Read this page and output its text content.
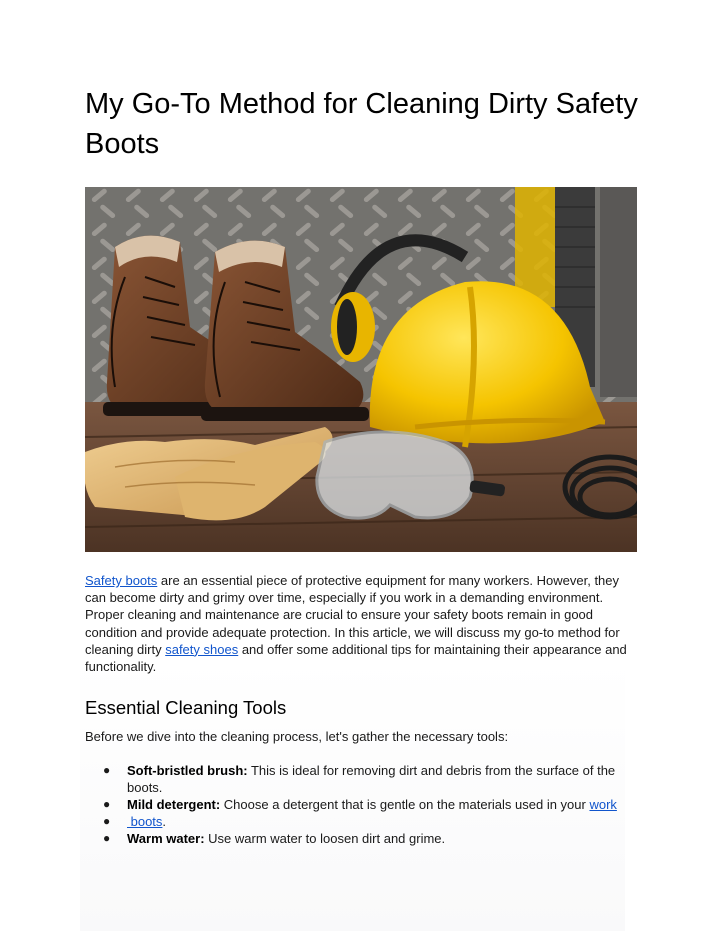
My Go-To Method for Cleaning Dirty Safety Boots
Safety boots are an essential piece of protective equipment for many workers. However, they can become dirty and grimy over time, especially if you work in a demanding environment. Proper cleaning and maintenance are crucial to ensure your safety boots remain in good condition and provide adequate protection. In this article, we will discuss my go-to method for cleaning dirty safety shoes and offer some additional tips for maintaining their appearance and functionality.
Essential Cleaning Tools
Before we dive into the cleaning process, let's gather the necessary tools:
● Soft-bristled brush: This is ideal for removing dirt and debris from the surface of the boots.
● Mild detergent: Choose a detergent that is gentle on the materials used in your work
● boots.
● Warm water: Use warm water to loosen dirt and grime.
